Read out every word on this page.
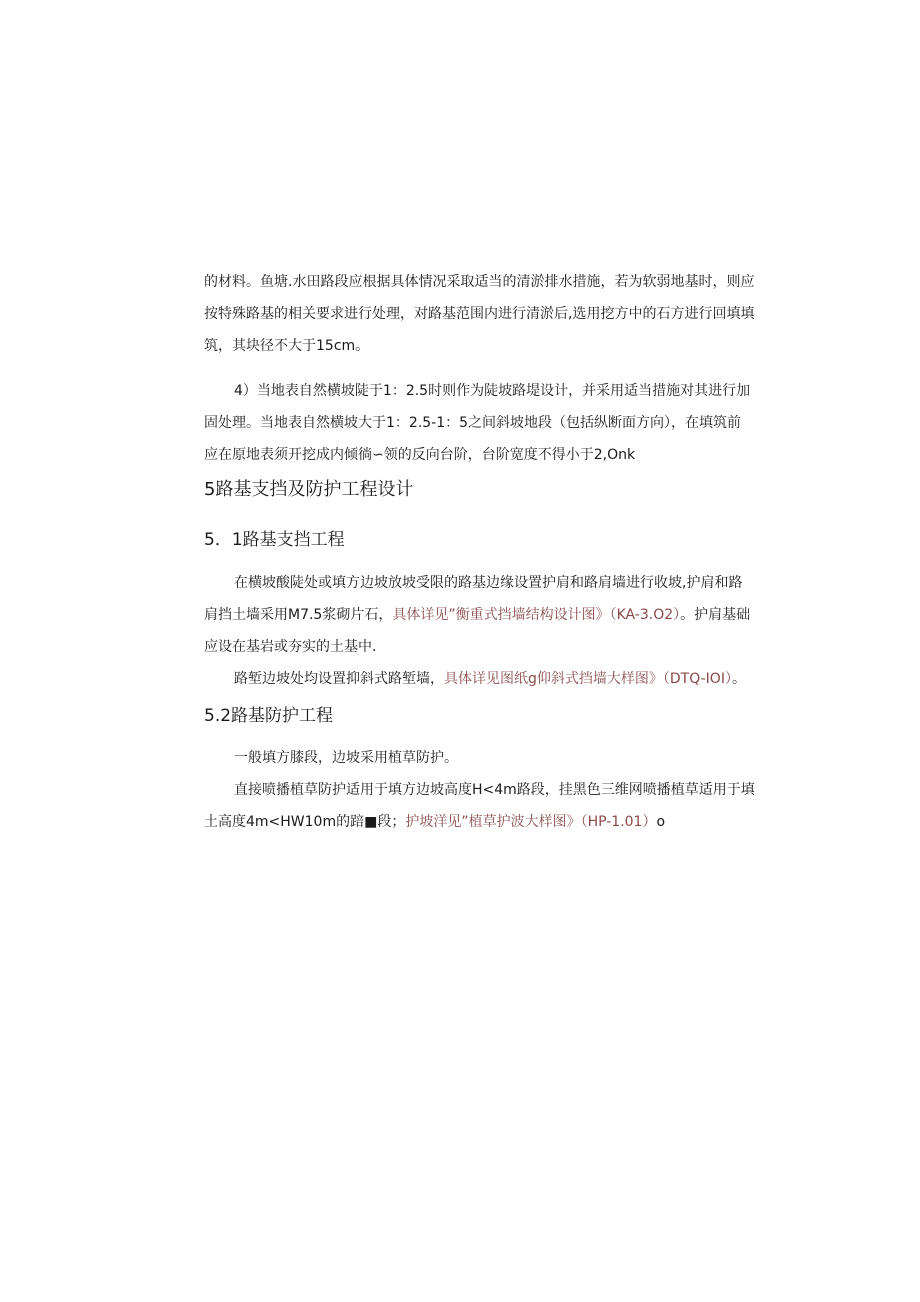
的材料。鱼塘.水田路段应根据具体情况采取适当的清淤排水措施，若为软弱地基时，则应
按特殊路基的相关要求进行处理，对路基范围内进行清淤后,选用挖方中的石方进行回填填
筑，其块径不大于15cm。
4）当地表自然横坡陡于1：2.5时则作为陡坡路堤设计，并采用适当措施对其进行加
固处理。当地表自然横坡大于1：2.5-1：5之间斜坡地段（包括纵断面方向），在填筑前
应在原地表须开挖成内倾徜∽领的反向台阶，台阶宽度不得小于2,Onk
5路基支挡及防护工程设计
5．1路基支挡工程
在横坡酸陡处或填方边坡放坡受限的路基边缘设置护肩和路肩墙进行收坡,护肩和路
肩挡土墙采用M7.5浆砌片石，具体详见”衡重式挡墙结构设计图》（KA-3.O2）。护肩基础
应设在基岩或夯实的土基中.
路堑边坡处均设置抑斜式路堑墙，具体详见图纸g仰斜式挡墙大样图》（DTQ-IOI）。
5.2路基防护工程
一般填方膝段，边坡采用植草防护。
直接喷播植草防护适用于填方边坡高度H<4m路段，挂黑色三维网喷播植草适用于填
土高度4m<HW10m的踣■段；护坡洋见”植草护波大样图》（HP-1.01）o
